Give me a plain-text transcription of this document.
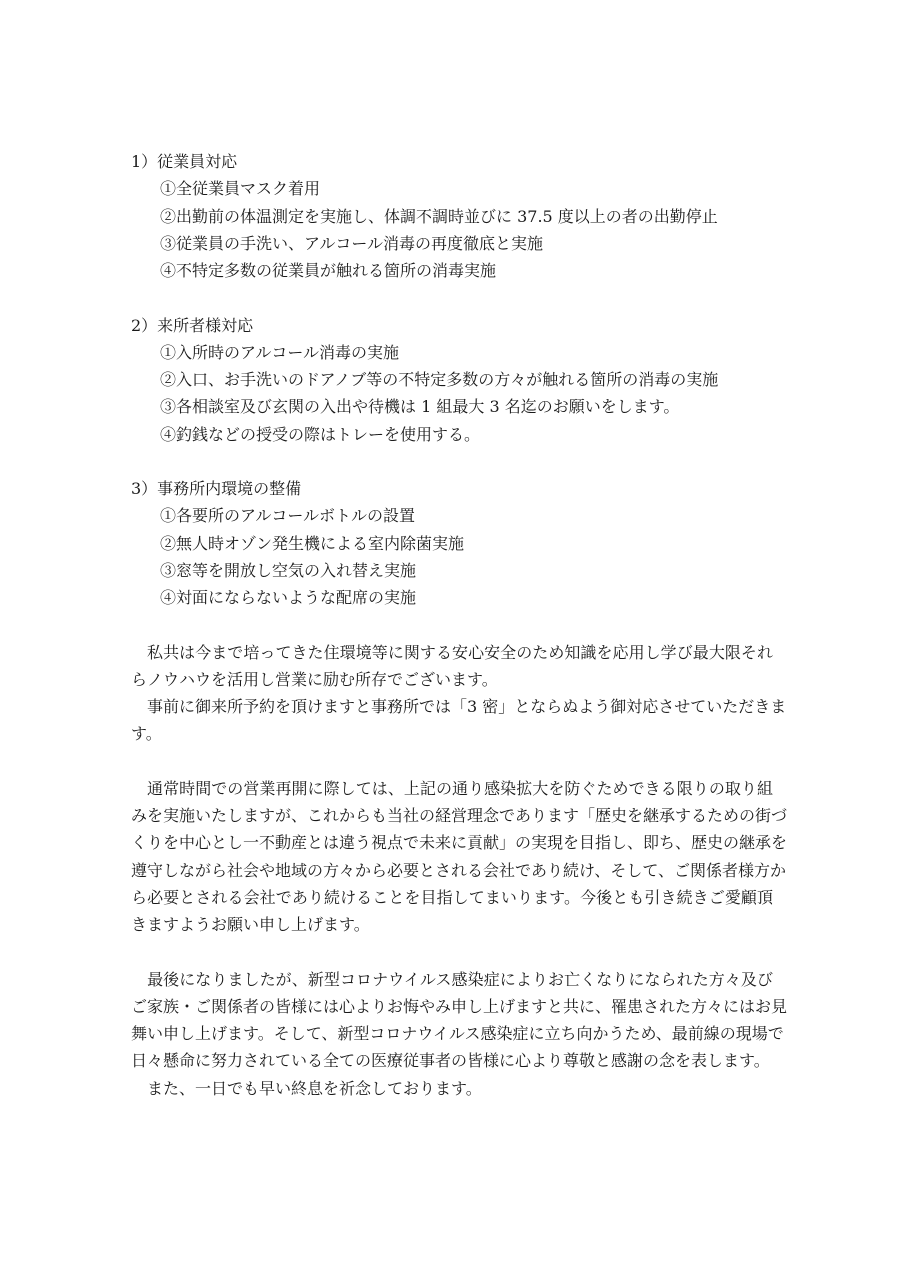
1）従業員対応
①全従業員マスク着用
②出勤前の体温測定を実施し、体調不調時並びに 37.5 度以上の者の出勤停止
③従業員の手洗い、アルコール消毒の再度徹底と実施
④不特定多数の従業員が触れる箇所の消毒実施
2）来所者様対応
①入所時のアルコール消毒の実施
②入口、お手洗いのドアノブ等の不特定多数の方々が触れる箇所の消毒の実施
③各相談室及び玄関の入出や待機は 1 組最大 3 名迄のお願いをします。
④釣銭などの授受の際はトレーを使用する。
3）事務所内環境の整備
①各要所のアルコールボトルの設置
②無人時オゾン発生機による室内除菌実施
③窓等を開放し空気の入れ替え実施
④対面にならないような配席の実施
　私共は今まで培ってきた住環境等に関する安心安全のため知識を応用し学び最大限それ
らノウハウを活用し営業に励む所存でございます。
　事前に御来所予約を頂けますと事務所では「3 密」とならぬよう御対応させていただきま
す。
　通常時間での営業再開に際しては、上記の通り感染拡大を防ぐためできる限りの取り組
みを実施いたしますが、これからも当社の経営理念であります「歴史を継承するための街づ
くりを中心とし一不動産とは違う視点で未来に貢献」の実現を目指し、即ち、歴史の継承を
遵守しながら社会や地域の方々から必要とされる会社であり続け、そして、ご関係者様方か
ら必要とされる会社であり続けることを目指してまいります。今後とも引き続きご愛顧頂
きますようお願い申し上げます。
　最後になりましたが、新型コロナウイルス感染症によりお亡くなりになられた方々及び
ご家族・ご関係者の皆様には心よりお悔やみ申し上げますと共に、罹患された方々にはお見
舞い申し上げます。そして、新型コロナウイルス感染症に立ち向かうため、最前線の現場で
日々懸命に努力されている全ての医療従事者の皆様に心より尊敬と感謝の念を表します。
　また、一日でも早い終息を祈念しております。
